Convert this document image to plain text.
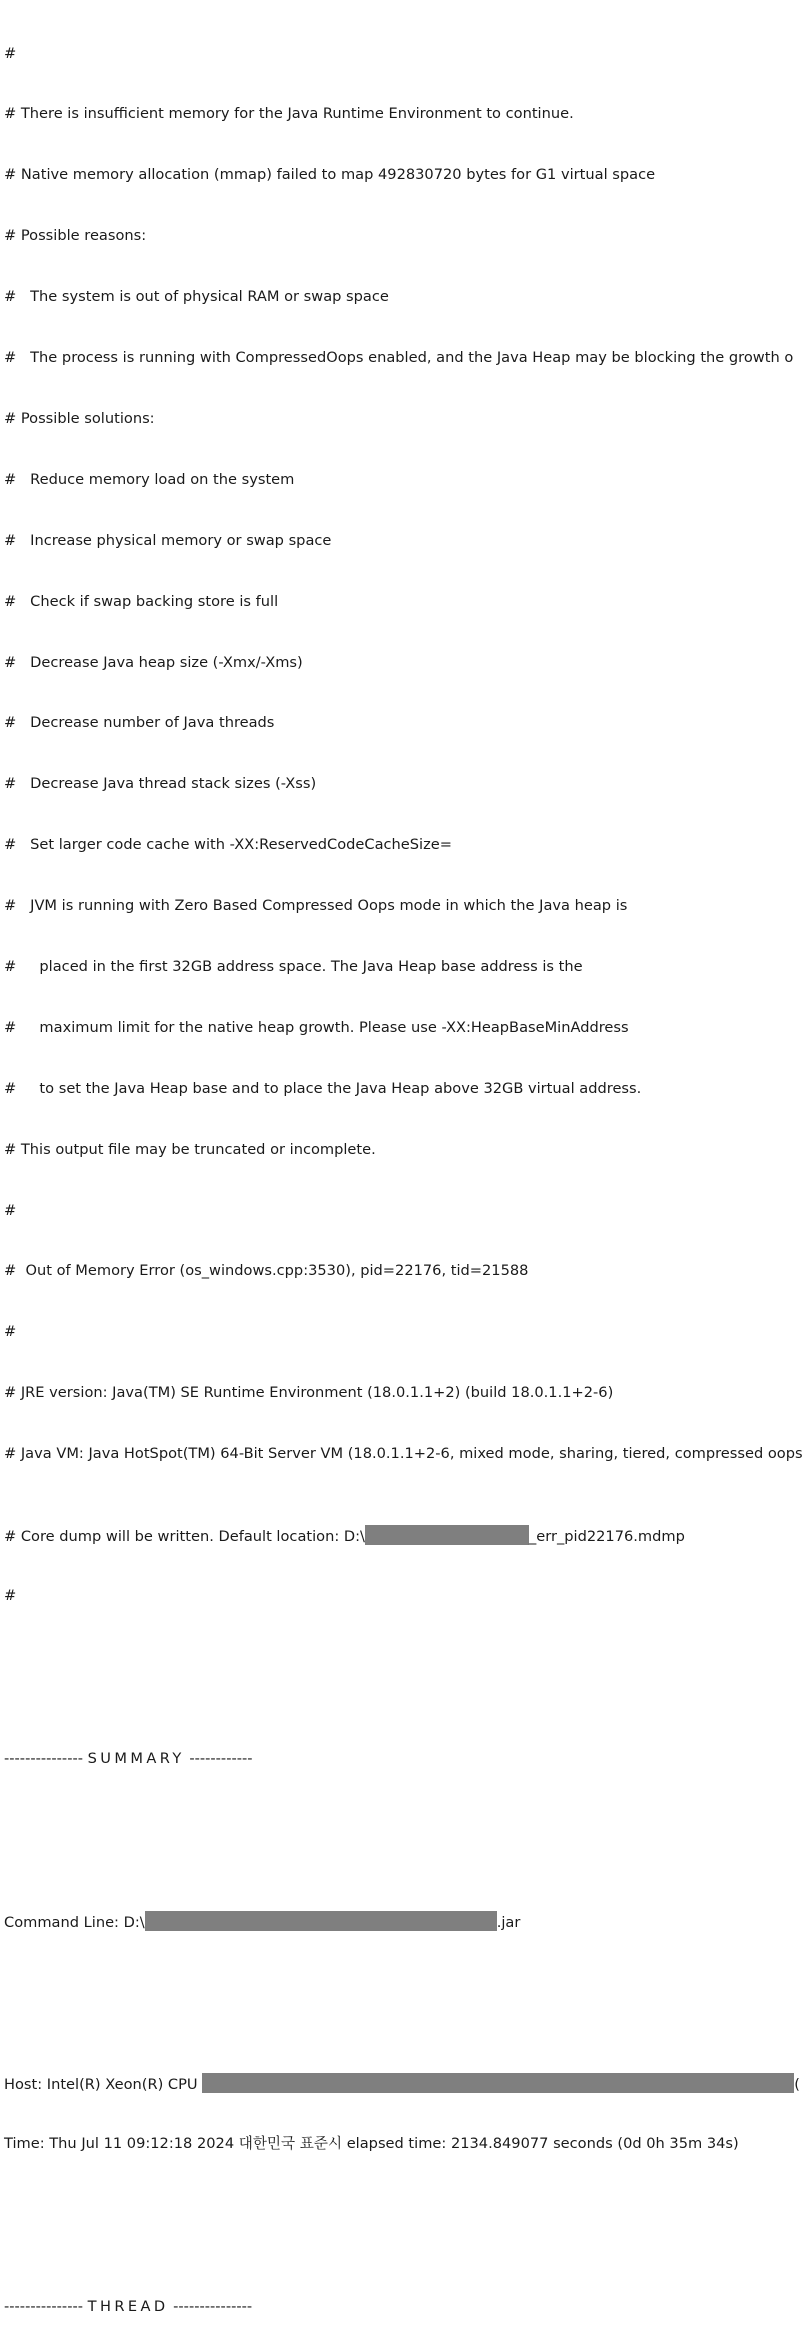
#

# There is insufficient memory for the Java Runtime Environment to continue.

# Native memory allocation (mmap) failed to map 492830720 bytes for G1 virtual space

# Possible reasons:

#   The system is out of physical RAM or swap space

#   The process is running with CompressedOops enabled, and the Java Heap may be blocking the growth o

# Possible solutions:

#   Reduce memory load on the system

#   Increase physical memory or swap space

#   Check if swap backing store is full

#   Decrease Java heap size (-Xmx/-Xms)

#   Decrease number of Java threads

#   Decrease Java thread stack sizes (-Xss)

#   Set larger code cache with -XX:ReservedCodeCacheSize=

#   JVM is running with Zero Based Compressed Oops mode in which the Java heap is

#     placed in the first 32GB address space. The Java Heap base address is the

#     maximum limit for the native heap growth. Please use -XX:HeapBaseMinAddress

#     to set the Java Heap base and to place the Java Heap above 32GB virtual address.

# This output file may be truncated or incomplete.

#

#  Out of Memory Error (os_windows.cpp:3530), pid=22176, tid=21588

#

# JRE version: Java(TM) SE Runtime Environment (18.0.1.1+2) (build 18.0.1.1+2-6)

# Java VM: Java HotSpot(TM) 64-Bit Server VM (18.0.1.1+2-6, mixed mode, sharing, tiered, compressed oops

# Core dump will be written. Default location: D:\	_err_pid22176.mdmp

#

--------------- SUMMARY ------------

Command Line: D:\	.jar

Host: Intel(R) Xeon(R) CPU	(

Time: Thu Jul 11 09:12:18 2024 대한민국 표준시 elapsed time: 2134.849077 seconds (0d 0h 35m 34s)

--------------- THREAD ---------------
